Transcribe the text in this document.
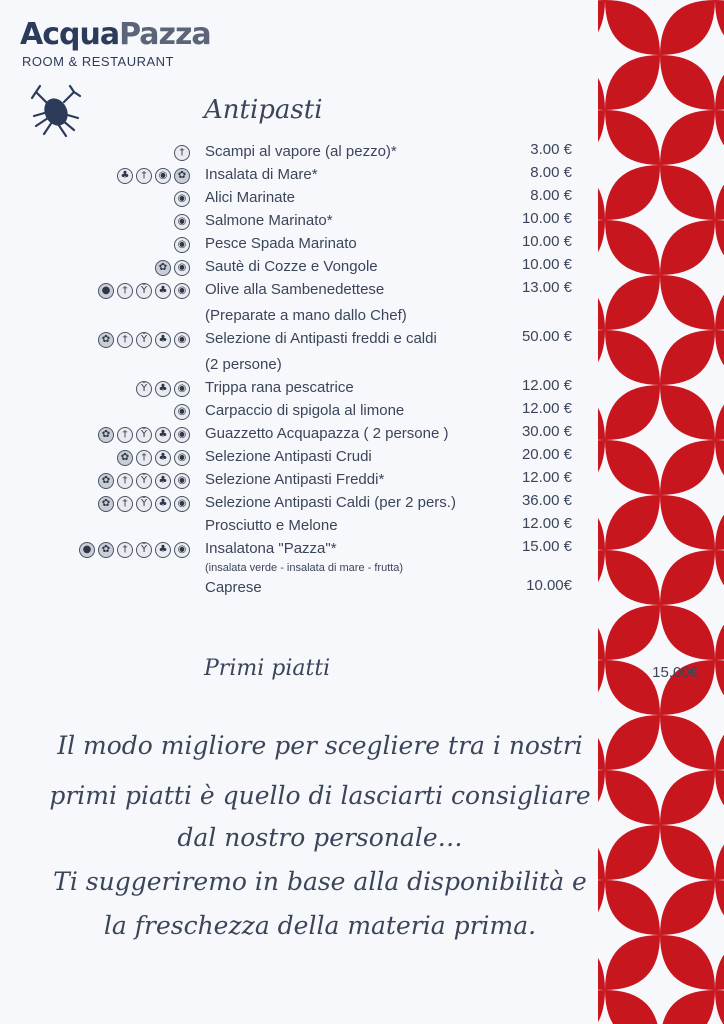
AcquaPazza
ROOM & RESTAURANT
Antipasti
†	Scampi al vapore (al pezzo)*	3.00 €
♣	†	◉	✿ Insalata di Mare*	8.00 €
◉ Alici Marinate	8.00 €
◉ Salmone Marinato*	10.00 €
◉ Pesce Spada Marinato	10.00 €
✿	◉ Sautè di Cozze e Vongole	10.00 €
●	†	Ŷ	♣	◉ Olive alla Sambenedettese	13.00 €
(Preparate a mano dallo Chef)
✿	†	Ŷ	♣	◉ Selezione di Antipasti freddi e caldi	50.00 €
(2 persone)
Ŷ	♣	◉ Trippa rana pescatrice	12.00 €
◉ Carpaccio di spigola al limone	12.00 €
✿	†	Ŷ	♣	◉ Guazzetto Acquapazza ( 2 persone )	30.00 €
✿	†	♣	◉ Selezione Antipasti Crudi	20.00 €
✿	†	Ŷ	♣	◉ Selezione Antipasti Freddi*	12.00 €
✿	†	Ŷ	♣	◉ Selezione Antipasti Caldi (per 2 pers.)	36.00 €
Prosciutto e Melone	12.00 €
●	✿	†	Ŷ	♣	◉ Insalatona "Pazza"*	15.00 €
(insalata verde - insalata di mare - frutta)
Caprese	10.00€
Primi piatti	15,00€
Il modo migliore per scegliere tra i nostri
primi piatti è quello di lasciarti consigliare
dal nostro personale…
Ti suggeriremo in base alla disponibilità e
la freschezza della materia prima.
